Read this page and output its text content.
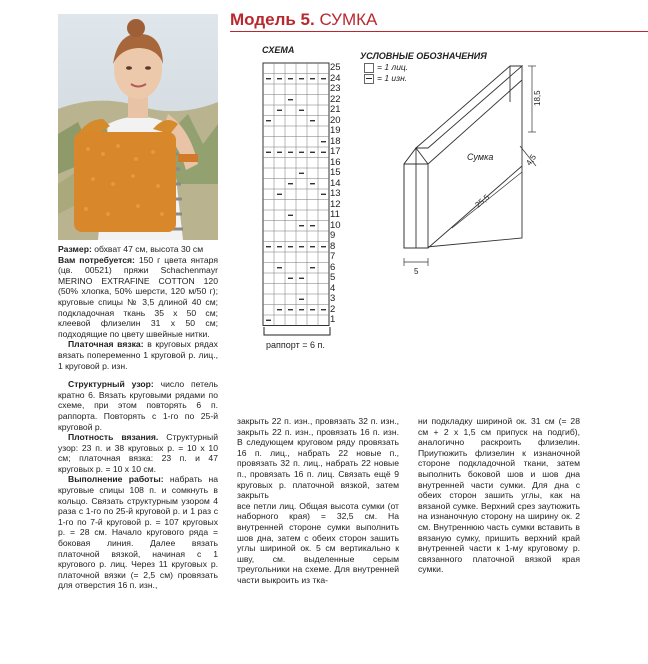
Модель 5. СУМКА
СХЕМА
25
24
23
22
21
20
19
18
17
16
15
14
13
12
11
10
9
8
7
6
5
4
3
2
1
раппорт = 6 п.
УСЛОВНЫЕ ОБОЗНАЧЕНИЯ
= 1 лиц.
= 1 изн.
Сумка
18,5
4,5
25,5
5

Размер: обхват 47 см, высота 30 см

Вам потребуется: 150 г цвета янтаря (цв. 00521) пряжи Schachenmayr MERINO EXTRAFINE COTTON 120 (50% хлопка, 50% шерсти, 120 м/50 г); круговые спицы № 3,5 длиной 40 см; подкладочная ткань 35 х 50 см; клеевой флизелин 31 х 50 см; подходящие по цвету швейные нитки.

Платочная вязка: в круговых рядах вязать попеременно 1 круговой р. лиц., 1 круговой р. изн.

Структурный узор: число петель кратно 6. Вязать круговыми рядами по схеме, при этом повторять 6 п. раппорта. Повторять с 1-го по 25-й круговой р.

Плотность вязания. Структурный узор: 23 п. и 38 круговых р. = 10 х 10 см; платочная вязка: 23 п. и 47 круговых р. = 10 х 10 см.

Выполнение работы: набрать на круговые спицы 108 п. и сомкнуть в кольцо. Связать структурным узором 4 раза с 1-го по 25-й круговой р. и 1 раз с 1-го по 7-й круговой р. = 107 круговых р. = 28 см. Начало кругового ряда = боковая линия. Далее вязать платочной вязкой, начиная с 1 кругового р. лиц. Через 11 круговых р. платочной вязки (= 2,5 см) провязать для отверстия 16 п. изн.,

закрыть 22 п. изн., провязать 32 п. изн., закрыть 22 п. изн., провязать 16 п. изн. В следующем круговом ряду провязать 16 п. лиц., набрать 22 новые п., провязать 32 п. лиц., набрать 22 новые п., провязать 16 п. лиц. Связать ещё 9 круговых р. платочной вязкой, затем закрыть

все петли лиц. Общая высота сумки (от наборного края) = 32,5 см. На внутренней стороне сумки выполнить шов дна, затем с обеих сторон зашить углы шириной ок. 5 см вертикально к шву, см. выделенные серым треугольники на схеме. Для внутренней части выкроить из тка-

ни подкладку шириной ок. 31 см (= 28 см + 2 х 1,5 см припуск на подгиб), аналогично раскроить флизелин. Приутюжить флизелин к изнаночной стороне подкладочной ткани, затем выполнить боковой шов и шов дна внутренней части сумки. Для дна с обеих сторон зашить углы, как на вязаной сумке. Верхний срез заутюжить на изнаночную сторону на ширину ок. 2 см. Внутреннюю часть сумки вставить в вязаную сумку, пришить верхний край внутренней части к 1-му круговому р. связанного платочной вязкой края сумки.
